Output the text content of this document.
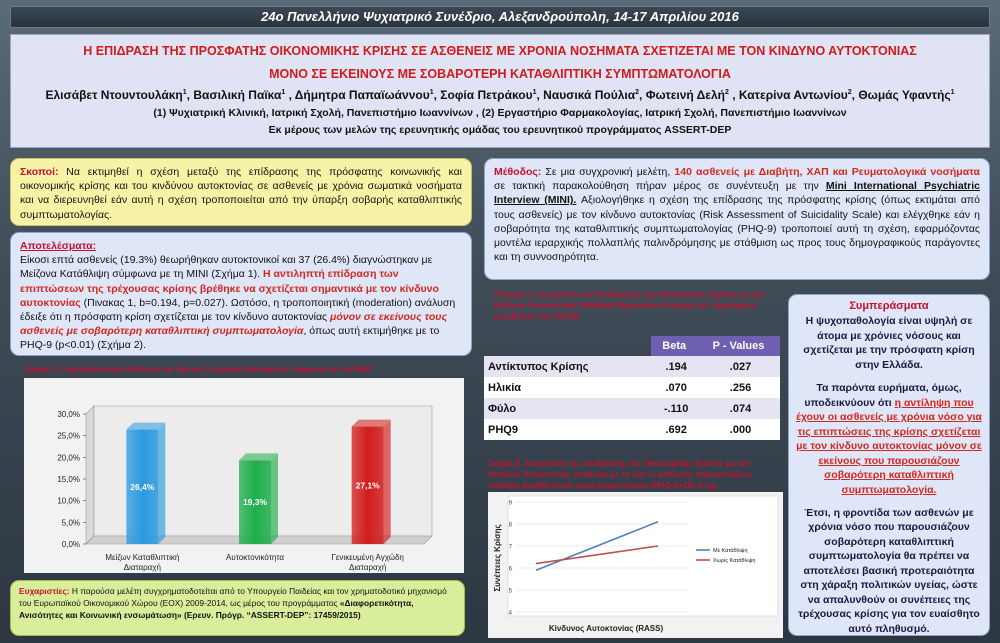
24ο Πανελλήνιο Ψυχιατρικό Συνέδριο, Αλεξανδρούπολη, 14-17 Απριλίου 2016
Η ΕΠΙΔΡΑΣΗ ΤΗΣ ΠΡΟΣΦΑΤΗΣ ΟΙΚΟΝΟΜΙΚΗΣ ΚΡΙΣΗΣ ΣΕ ΑΣΘΕΝΕΙΣ ΜΕ ΧΡΟΝΙΑ ΝΟΣΗΜΑΤΑ ΣΧΕΤΙΖΕΤΑΙ ΜΕ ΤΟΝ ΚΙΝΔΥΝΟ ΑΥΤΟΚΤΟΝΙΑΣ
ΜΟΝΟ ΣΕ ΕΚΕΙΝΟΥΣ ΜΕ ΣΟΒΑΡΟΤΕΡΗ ΚΑΤΑΘΛΙΠΤΙΚΗ ΣΥΜΠΤΩΜΑΤΟΛΟΓΙΑ
Ελισάβετ Ντουντουλάκη$^1$, Βασιλική Παϊκα$^1$ , Δήμητρα Παπαϊωάννου$^1$, Σοφία Πετράκου$^1$, Ναυσικά Πούλια$^2$, Φωτεινή Δελή$^2$ , Κατερίνα Αντωνίου$^2$, Θωμάς Υφαντής$^1$
(1) Ψυχιατρική Κλινική, Ιατρική Σχολή, Πανεπιστήμιο Ιωαννίνων , (2) Εργαστήριο Φαρμακολογίας, Ιατρική Σχολή, Πανεπιστήμιο Ιωαννίνων
Εκ μέρους των μελών της ερευνητικής ομάδας του ερευνητικού προγράμματος ASSERT-DEP
Σκοποί: Να εκτιμηθεί η σχέση μεταξύ της επίδρασης της πρόσφατης κοινωνικής και οικονομικής κρίσης και του κινδύνου αυτοκτονίας σε ασθενείς με χρόνια σωματικά νοσήματα και να διερευνηθεί εάν αυτή η σχέση τροποποιείται από την ύπαρξη σοβαρής καταθλιπτικής συμπτωματολογίας.
Αποτελέσματα:
Είκοσι επτά ασθενείς (19.3%) θεωρήθηκαν αυτοκτονικοί και 37 (26.4%) διαγνώστηκαν με Μείζονα Κατάθλιψη σύμφωνα με τη MINI (Σχήμα 1). Η αντιληπτή επίδραση των επιπτώσεων της τρέχουσας κρίσης βρέθηκε να σχετίζεται σημαντικά με τον κίνδυνο αυτοκτονίας (Πινακας 1, b=0.194, p=0.027). Ωστόσο, η τροποποιητική (moderation) ανάλυση έδειξε ότι η πρόσφατη κρίση σχετίζεται με τον κίνδυνο αυτοκτονίας μόνον σε εκείνους τους ασθενείς με σοβαρότερη καταθλιπτική συμπτωματολογία, όπως αυτή εκτιμήθηκε με το PHQ-9 (p<0.01) (Σχήμα 2).
Μέθοδος: Σε μια συγχρονική μελέτη, 140 ασθενείς με Διαβήτη, ΧΑΠ και Ρευματολογικά νοσήματα σε τακτική παρακολούθηση πήραν μέρος σε συνέντευξη με την Mini International Psychiatric Interview (MINI). Αξιολογήθηκε η σχέση της επίδρασης της πρόσφατης κρίσης (όπως εκτιμάται από τους ασθενείς) με τον κίνδυνο αυτοκτονίας (Risk Assessment of Suicidality Scale) και ελέγχθηκε εάν η σοβαρότητα της καταθλιπτικής συμπτωματολογίας (PHQ-9) τροποποιεί αυτή τη σχέση, εφαρμόζοντας μοντέλα ιεραρχικής πολλαπλής παλινδρόμησης με στάθμιση ως προς τους δημογραφικούς παράγοντες και τη συννοσηρότητα.
Σχήμα 1. Ψυχοπαθολογία Ασθενών με Χρόνια Σωματικά Νοσήματα, σύμφωνα με τη MINI
0,0%
5,0%
10,0%
15,0%
20,0%
25,0%
30,0%
26,4%
Μείζων Καταθλιπτική Διαταραχή
19,3%
Αυτοκτονικότητα
27,1%
Γενικευμένη Αγχώδη Διαταραχή
Πίνακας 1. Συσχέτιση της Επίδρασης της Οικονομικής Κρίσης με τον Κίνδυνο Αυτοκτονίας (Multiple Regression Analysis με εξαρτημένη μεταβλητή την RASS)
	Beta	P - Values
Αντίκτυπος Κρίσης	.194	.027
Ηλικία	.070	.256
Φύλο	-.110	.074
PHQ9	.692	.000
Σχήμα 2. Συσχέτιση της επίδρασης της Οικονομικής Κρίσης με τον Κίνδυνο Αυτοκτονίας ανάλογα με το εάν οι ασθενείς παρουσιάζουν σοβαρή καταθλιπτική συμπτωματολογία (PHQ-9>10) ή όχι.
4
5
6
7
8
9
Με Κατάθλιψη
Χωρίς Κατάθλιψη
Συνέπειες Κρίσης
Κίνδυνος Αυτοκτονίας (RASS)
Συμπεράσματα

Η ψυχοπαθολογία είναι υψηλή σε άτομα με χρόνιες νόσους και σχετίζεται με την πρόσφατη κρίση στην Ελλάδα.

Τα παρόντα ευρήματα, όμως, υποδεικνύουν ότι η αντίληψη που έχουν οι ασθενείς με χρόνια νόσο για τις επιπτώσεις της κρίσης σχετίζεται με τον κίνδυνο αυτοκτονίας μόνον σε εκείνους που παρουσιάζουν σοβαρότερη καταθλιπτική συμπτωματολογία.

Έτσι, η φροντίδα των ασθενών με χρόνια νόσο που παρουσιάζουν σοβαρότερη καταθλιπτική συμπτωματολογία θα πρέπει να αποτελέσει βασική προτεραιότητα στη χάραξη πολιτικών υγείας, ώστε να απαλυνθούν οι συνέπειες της τρέχουσας κρίσης για τον ευαίσθητο αυτό πληθυσμό.

Ευχαριστίες: Η παρούσα μελέτη συγχρηματοδοτείται από το Υπουργείο Παιδείας και τον χρηματοδοτικό μηχανισμό του Ευρωπαϊκού Οικονομικού Χώρου (ΕΟΧ) 2009-2014, ως μέρος του προγράμματος «Διαφορετικότητα, Ανισότητες και Κοινωνική ενσωμάτωση» (Ερευν. Πρόγρ. “ASSERT-DEP”: 17459/2015)
